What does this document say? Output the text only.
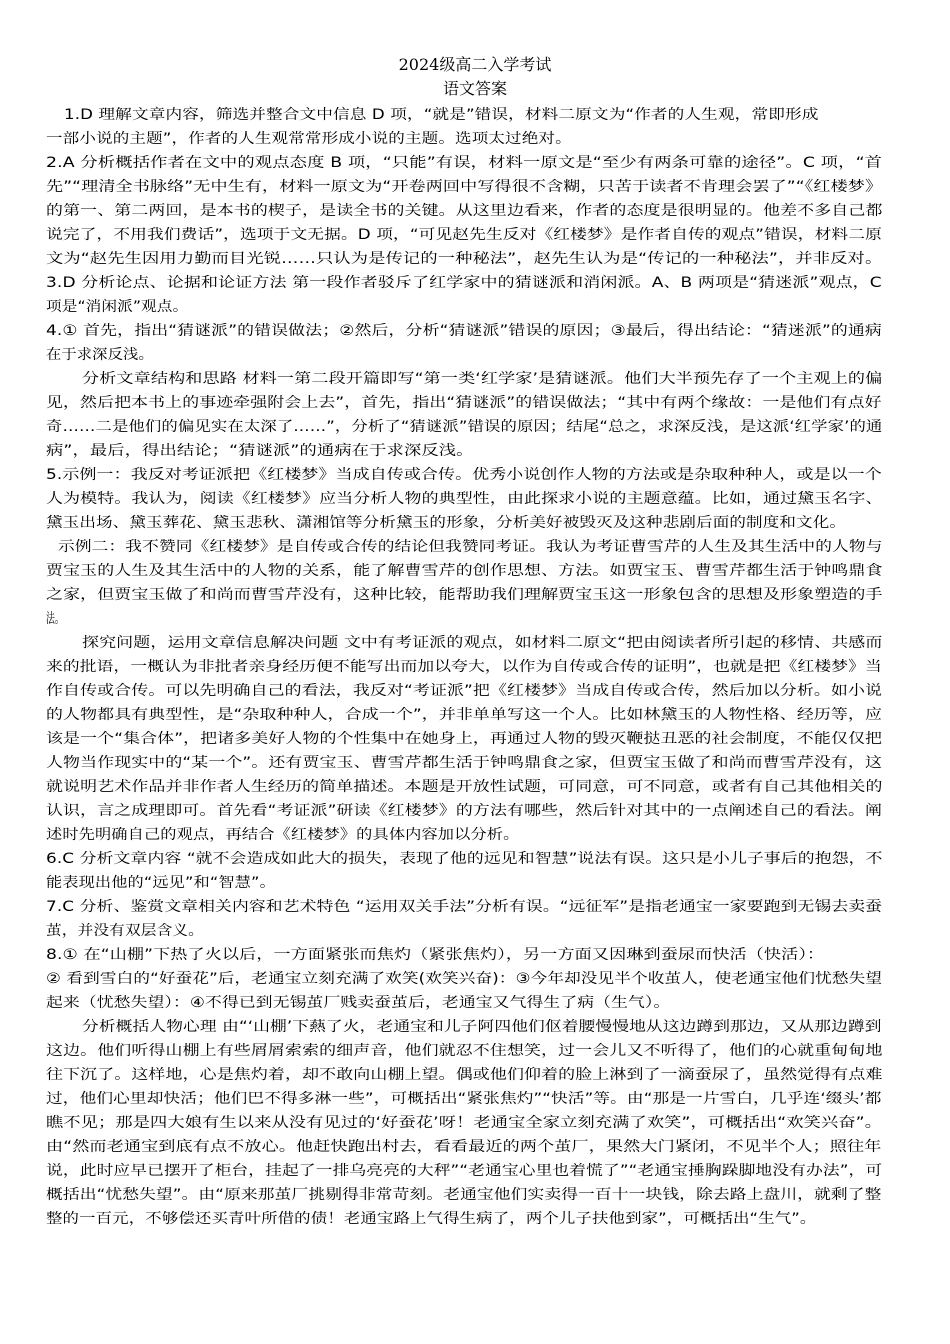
2024级高二入学考试
语文答案
1.D 理解文章内容，筛选并整合文中信息 D 项，“就是”错误，材料二原文为“作者的人生观，常即形成
一部小说的主题”，作者的人生观常常形成小说的主题。选项太过绝对。
2.A 分析概括作者在文中的观点态度 B 项，“只能”有误，材料一原文是“至少有两条可靠的途径”。C 项，“首
先”“理清全书脉络”无中生有，材料一原文为“开卷两回中写得很不含糊，只苦于读者不肯理会罢了”“《红楼梦》
的第一、第二两回，是本书的楔子，是读全书的关键。从这里边看来，作者的态度是很明显的。他差不多自己都
说完了，不用我们费话”，选项于文无据。D 项，“可见赵先生反对《红楼梦》是作者自传的观点”错误，材料二原
文为“赵先生因用力勤而目光锐……只认为是传记的一种秘法”，赵先生认为是“传记的一种秘法”，并非反对。
3.D 分析论点、论据和论证方法 第一段作者驳斥了红学家中的猜谜派和消闲派。A、B 两项是“猜迷派”观点，C
项是“消闲派”观点。
4.① 首先，指出“猜谜派”的错误做法；②然后，分析“猜谜派”错误的原因；③最后，得出结论：“猜迷派”的通病
在于求深反浅。
分析文章结构和思路 材料一第二段开篇即写“第一类‘红学家’是猜谜派。他们大半预先存了一个主观上的偏
见，然后把本书上的事迹牵强附会上去”，首先，指出“猜谜派”的错误做法；“其中有两个缘故：一是他们有点好
奇……二是他们的偏见实在太深了……”，分析了“猜谜派”错误的原因；结尾“总之，求深反浅，是这派‘红学家’的通
病”，最后，得出结论；“猜谜派”的通病在于求深反浅。
5.示例一：我反对考证派把《红楼梦》当成自传或合传。优秀小说创作人物的方法或是杂取种种人，或是以一个
人为模特。我认为，阅读《红楼梦》应当分析人物的典型性，由此探求小说的主题意蕴。比如，通过黛玉名字、
黛玉出场、黛玉葬花、黛玉悲秋、潇湘馆等分析黛玉的形象，分析美好被毁灭及这种悲剧后面的制度和文化。
示例二：我不赞同《红楼梦》是自传或合传的结论但我赞同考证。我认为考证曹雪芹的人生及其生活中的人物与
贾宝玉的人生及其生活中的人物的关系，能了解曹雪芹的创作思想、方法。如贾宝玉、曹雪芹都生活于钟鸣鼎食
之家，但贾宝玉做了和尚而曹雪芹没有，这种比较，能帮助我们理解贾宝玉这一形象包含的思想及形象塑造的手
法。
探究问题，运用文章信息解决问题 文中有考证派的观点，如材料二原文“把由阅读者所引起的移情、共感而
来的批语，一概认为非批者亲身经历便不能写出而加以夸大，以作为自传或合传的证明”，也就是把《红楼梦》当
作自传或合传。可以先明确自己的看法，我反对“考证派”把《红楼梦》当成自传或合传，然后加以分析。如小说
的人物都具有典型性，是“杂取种种人，合成一个”，并非单单写这一个人。比如林黛玉的人物性格、经历等，应
该是一个“集合体”，把诸多美好人物的个性集中在她身上，再通过人物的毁灭鞭挞丑恶的社会制度，不能仅仅把
人物当作现实中的“某一个”。还有贾宝玉、曹雪芹都生活于钟鸣鼎食之家，但贾宝玉做了和尚而曹雪芹没有，这
就说明艺术作品并非作者人生经历的简单描述。本题是开放性试题，可同意，可不同意，或者有自己其他相关的
认识，言之成理即可。首先看“考证派”研读《红楼梦》的方法有哪些，然后针对其中的一点阐述自己的看法。阐
述时先明确自己的观点，再结合《红楼梦》的具体内容加以分析。
6.C 分析文章内容 “就不会造成如此大的损失，表现了他的远见和智慧”说法有误。这只是小儿子事后的抱怨，不
能表现出他的“远见”和“智慧”。
7.C 分析、鉴赏文章相关内容和艺术特色 “运用双关手法”分析有误。“远征军”是指老通宝一家要跑到无锡去卖蚕
茧，并没有双层含义。
8.① 在“山棚”下热了火以后，一方面紧张而焦灼（紧张焦灼），另一方面又因琳到蚕尿而快活（快活）：
② 看到雪白的“好蚕花”后，老通宝立刻充满了欢笑(欢笑兴奋)：③今年却没见半个收茧人，使老通宝他们忧愁失望
起来（忧愁失望）：④不得已到无锡茧厂贱卖蚕茧后，老通宝又气得生了病（生气）。
分析概括人物心理 由“‘山棚’下爇了火，老通宝和儿子阿四他们伛着腰慢慢地从这边蹲到那边，又从那边蹲到
这边。他们听得山棚上有些屑屑索索的细声音，他们就忍不住想笑，过一会儿又不听得了，他们的心就重甸甸地
往下沉了。这样地，心是焦灼着，却不敢向山棚上望。偶或他们仰着的脸上淋到了一滴蚕尿了，虽然觉得有点难
过，他们心里却快活；他们巴不得多淋一些”，可概括出“紧张焦灼”“快活”等。由“那是一片雪白，几乎连‘缀头’都
瞧不见；那是四大娘有生以来从没有见过的‘好蚕花’呀！老通宝全家立刻充满了欢笑”，可概括出“欢笑兴奋”。
由“然而老通宝到底有点不放心。他赶快跑出村去，看看最近的两个茧厂，果然大门紧闭，不见半个人；照往年
说，此时应早已摆开了柜台，挂起了一排乌亮亮的大秤”“老通宝心里也着慌了”“老通宝捶胸跺脚地没有办法”，可
概括出“忧愁失望”。由“原来那茧厂挑剔得非常苛刻。老通宝他们实卖得一百十一块钱，除去路上盘川，就剩了整
整的一百元，不够偿还买青叶所借的债！老通宝路上气得生病了，两个儿子扶他到家”，可概括出“生气”。
